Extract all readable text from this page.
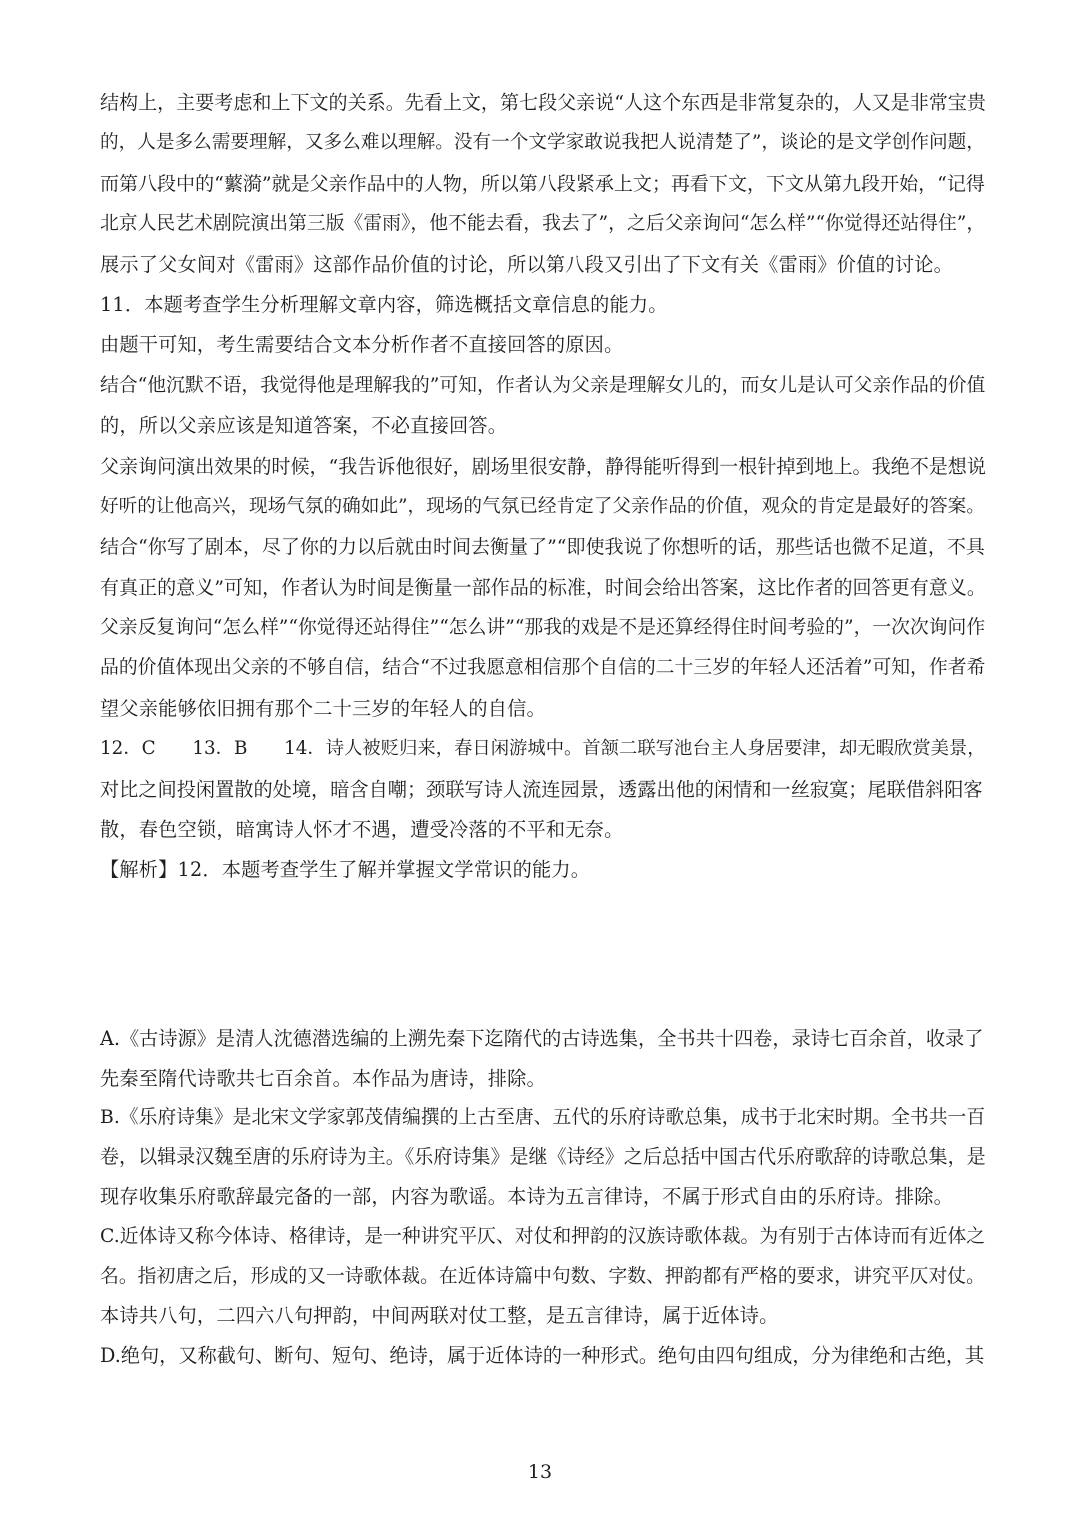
结构上，主要考虑和上下文的关系。先看上文，第七段父亲说“人这个东西是非常复杂的，人又是非常宝贵
的，人是多么需要理解，又多么难以理解。没有一个文学家敢说我把人说清楚了”，谈论的是文学创作问题，
而第八段中的“蘩漪”就是父亲作品中的人物，所以第八段紧承上文；再看下文，下文从第九段开始，“记得
北京人民艺术剧院演出第三版《雷雨》，他不能去看，我去了”，之后父亲询问“怎么样”“你觉得还站得住”，
展示了父女间对《雷雨》这部作品价值的讨论，所以第八段又引出了下文有关《雷雨》价值的讨论。
11．本题考查学生分析理解文章内容，筛选概括文章信息的能力。
由题干可知，考生需要结合文本分析作者不直接回答的原因。
结合“他沉默不语，我觉得他是理解我的”可知，作者认为父亲是理解女儿的，而女儿是认可父亲作品的价值
的，所以父亲应该是知道答案，不必直接回答。
父亲询问演出效果的时候，“我告诉他很好，剧场里很安静，静得能听得到一根针掉到地上。我绝不是想说
好听的让他高兴，现场气氛的确如此”，现场的气氛已经肯定了父亲作品的价值，观众的肯定是最好的答案。
结合“你写了剧本，尽了你的力以后就由时间去衡量了”“即使我说了你想听的话，那些话也微不足道，不具
有真正的意义”可知，作者认为时间是衡量一部作品的标准，时间会给出答案，这比作者的回答更有意义。
父亲反复询问“怎么样”“你觉得还站得住”“怎么讲”“那我的戏是不是还算经得住时间考验的”，一次次询问作
品的价值体现出父亲的不够自信，结合“不过我愿意相信那个自信的二十三岁的年轻人还活着”可知，作者希
望父亲能够依旧拥有那个二十三岁的年轻人的自信。
12．C　　13．B　　14．诗人被贬归来，春日闲游城中。首颔二联写池台主人身居要津，却无暇欣赏美景，
对比之间投闲置散的处境，暗含自嘲；颈联写诗人流连园景，透露出他的闲情和一丝寂寞；尾联借斜阳客
散，春色空锁，暗寓诗人怀才不遇，遭受冷落的不平和无奈。
【解析】12．本题考查学生了解并掌握文学常识的能力。
A.《古诗源》是清人沈德潜选编的上溯先秦下迄隋代的古诗选集，全书共十四卷，录诗七百余首，收录了
先秦至隋代诗歌共七百余首。本作品为唐诗，排除。
B.《乐府诗集》是北宋文学家郭茂倩编撰的上古至唐、五代的乐府诗歌总集，成书于北宋时期。全书共一百
卷，以辑录汉魏至唐的乐府诗为主。《乐府诗集》是继《诗经》之后总括中国古代乐府歌辞的诗歌总集，是
现存收集乐府歌辞最完备的一部，内容为歌谣。本诗为五言律诗，不属于形式自由的乐府诗。排除。
C.近体诗又称今体诗、格律诗，是一种讲究平仄、对仗和押韵的汉族诗歌体裁。为有别于古体诗而有近体之
名。指初唐之后，形成的又一诗歌体裁。在近体诗篇中句数、字数、押韵都有严格的要求，讲究平仄对仗。
本诗共八句，二四六八句押韵，中间两联对仗工整，是五言律诗，属于近体诗。
D.绝句，又称截句、断句、短句、绝诗，属于近体诗的一种形式。绝句由四句组成，分为律绝和古绝，其
13
